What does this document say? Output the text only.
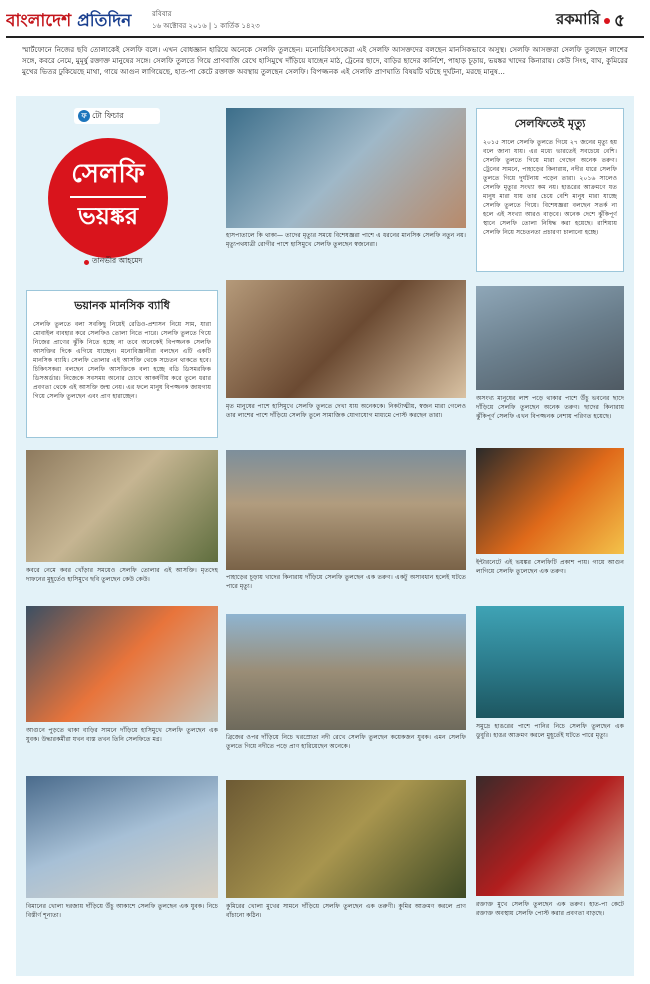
বাংলাদেশ প্রতিদিন	রবিবার
১৬ অক্টোবর ২০১৬ | ১ কার্তিক ১৪২৩	রকমারি ৫
স্মার্টফোনে নিজের ছবি তোলাকেই সেলফি বলে। এখন বোধজ্ঞান হারিয়ে অনেকে সেলফি তুলছেন। মনোচিকিৎসকেরা এই সেলফি আসক্তদের বলছেন মানসিকভাবে অসুস্থ। সেলফি আসক্তরা সেলফি তুলছেন লাশের সঙ্গে, কবরে নেমে, মুমূর্ষু রক্তাক্ত মানুষের সঙ্গে। সেলফি তুলতে গিয়ে প্রাণবাজি রেখে হাসিমুখে দাঁড়িয়ে যাচ্ছেন মাঠ, ট্রেনের ছাদে, বাড়ির ছাদের কার্নিশে, পাহাড় চূড়ায়, ভয়ঙ্কর খাদের কিনারায়। কেউ সিংহ, বাঘ, কুমিরের মুখের ভিতর ঢুকিয়েছে মাথা, গায়ে আগুন লাগিয়েছে, হাত-পা কেটে রক্তাক্ত অবস্থায় তুলছেন সেলফি। বিপজ্জনক এই সেলফি প্রাণঘাতি বিষয়টি ঘটছে দুর্ঘটনা, মরছে মানুষ...
টো ফিচার
ফ
সেলফি
ভয়ঙ্কর
তানভীর আহমেদ
সেলফিতেই মৃত্যু
২০১৫ সালে সেলফি তুলতে গিয়ে ২৭ জনের মৃত্যু হয় বলে জানা যায়। এর মধ্যে ভারতেই সবচেয়ে বেশি। সেলফি তুলতে গিয়ে মারা গেছেন অনেক তরুণ। ট্রেনের সামনে, পাহাড়ের কিনারায়, নদীর ধারে সেলফি তুলতে গিয়ে দুর্ঘটনায় পড়েন তারা। ২০১৬ সালেও সেলফি মৃত্যুর সংখ্যা কম নয়। হাঙরের আক্রমণে যত মানুষ মারা যায় তার চেয়ে বেশি মানুষ মারা যাচ্ছে সেলফি তুলতে গিয়ে। বিশেষজ্ঞরা বলছেন সতর্ক না হলে এই সংখ্যা আরও বাড়বে। অনেক দেশে ঝুঁকিপূর্ণ স্থানে সেলফি তোলা নিষিদ্ধ করা হয়েছে। রাশিয়ায় সেলফি নিয়ে সচেতনতা প্রচারণা চালানো হচ্ছে।
ভয়ানক মানসিক ব্যাধি
সেলফি তুলতে বলা সবকিছু নিয়েই রেডিও-প্রশাসন নিয়ে সাম, যারা মোবাইল ব্যবহার করে সেলফিও তোলা নিতে পারে। সেলফি তুলতে গিয়ে নিজের প্রাণের ঝুঁকি নিতে হচ্ছে না তবে অনেকেই বিপজ্জনক সেলফি আসক্তির দিকে এগিয়ে যাচ্ছেন। মনোবিজ্ঞানীরা বলছেন এটি একটি মানসিক ব্যাধি। সেলফি তোলার এই আসক্তি থেকে সচেতন থাকতে হবে। চিকিৎসকরা বলছেন সেলফি আসক্তিকে বলা হচ্ছে বডি ডিসমরফিক ডিসঅর্ডার। নিজেকে সবসময় অন্যের চোখে আকর্ষণীয় করে তুলে ধরার প্রবণতা থেকে এই আসক্তি জন্ম নেয়। এর ফলে মানুষ বিপজ্জনক জায়গায় গিয়ে সেলফি তুলছেন এবং প্রাণ হারাচ্ছেন।
হাসপাতালে কি থাকা— তাদের মৃত্যুর সময়ে বিশেষজ্ঞরা পাশে এ ধরনের মানসিক সেলফি নতুন নয়। মৃত্যুপথযাত্রী রোগীর পাশে হাসিমুখে সেলফি তুলছেন স্বজনেরা।
মৃত মানুষের পাশে হাসিমুখে সেলফি তুলতে দেখা যায় অনেককে। নিকটাত্মীয়, স্বজন মারা গেলেও তার লাশের পাশে দাঁড়িয়ে সেলফি তুলে সামাজিক যোগাযোগ মাধ্যমে পোস্ট করছেন তারা।
অসংখ্য মানুষের লাশ পড়ে থাকার পাশে উঁচু ভবনের ছাদে দাঁড়িয়ে সেলফি তুলছেন অনেক তরুণ। ছাদের কিনারায় ঝুঁকিপূর্ণ সেলফি এখন বিপজ্জনক নেশায় পরিণত হয়েছে।
কবরে নেমে কবর খোঁড়ার সময়েও সেলফি তোলার এই আসক্তি। মৃতদেহ দাফনের মুহূর্তেও হাসিমুখে ছবি তুলছেন কেউ কেউ।	পাহাড়ের চূড়ায় খাদের কিনারায় দাঁড়িয়ে সেলফি তুলছেন এক তরুণ। একটু অসাবধান হলেই ঘটতে পারে মৃত্যু।
ইন্টারনেটে এই ভয়ঙ্কর সেলফিটি প্রকাশ পায়। গায়ে আগুন লাগিয়ে সেলফি তুলেছেন এক তরুণ।
আগুনে পুড়তে থাকা বাড়ির সামনে দাঁড়িয়ে হাসিমুখে সেলফি তুলছেন এক যুবক। উদ্ধারকর্মীরা যখন ব্যস্ত তখন তিনি সেলফিতে মগ্ন।	ব্রিজের ওপর দাঁড়িয়ে নিচে খরস্রোতা নদী রেখে সেলফি তুলছেন কয়েকজন যুবক। এমন সেলফি তুলতে গিয়ে নদীতে পড়ে প্রাণ হারিয়েছেন অনেকে।
সমুদ্রে হাঙরের পাশে পানির নিচে সেলফি তুলছেন এক ডুবুরি। হাঙর আক্রমণ করলে মুহূর্তেই ঘটতে পারে মৃত্যু।
বিমানের খোলা দরজায় দাঁড়িয়ে উঁচু আকাশে সেলফি তুলছেন এক যুবক। নিচে বিস্তীর্ণ শূন্যতা।
কুমিরের খোলা মুখের সামনে দাঁড়িয়ে সেলফি তুলছেন এক তরুণী। কুমির আক্রমণ করলে প্রাণ বাঁচানো কঠিন।
রক্তাক্ত মুখে সেলফি তুলছেন এক তরুণ। হাত-পা কেটে রক্তাক্ত অবস্থায় সেলফি পোস্ট করার প্রবণতা বাড়ছে।
